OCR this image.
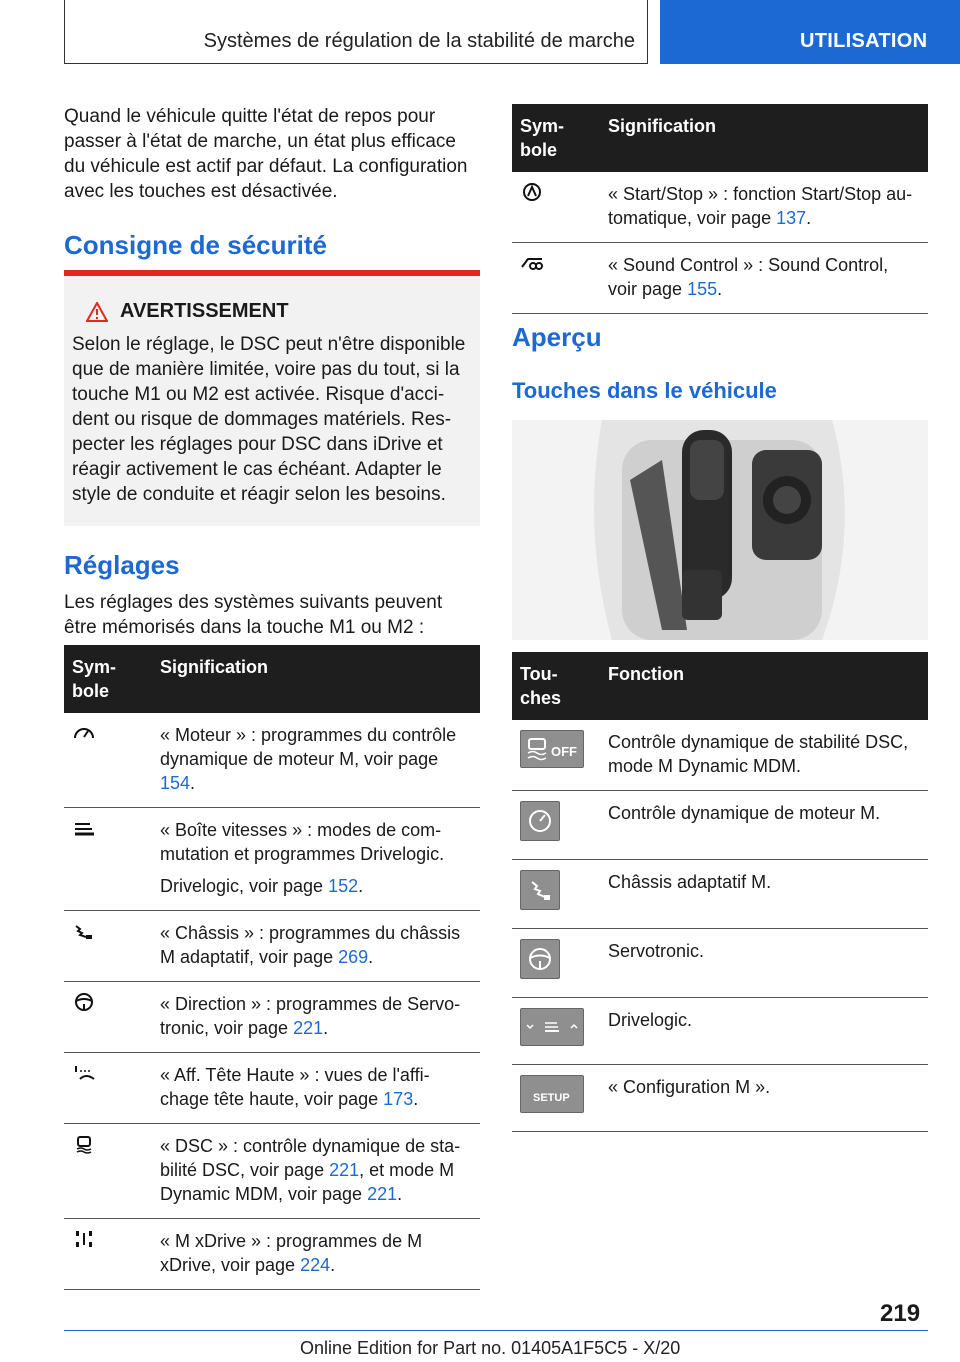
Systèmes de régulation de la stabilité de marche	UTILISATION
Quand le véhicule quitte l'état de repos pour passer à l'état de marche, un état plus efficace du véhicule est actif par défaut. La configuration avec les touches est désactivée.
Consigne de sécurité
AVERTISSEMENT
Selon le réglage, le DSC peut n'être disponible que de manière limitée, voire pas du tout, si la touche M1 ou M2 est activée. Risque d'acci-dent ou risque de dommages matériels. Res-pecter les réglages pour DSC dans iDrive et réagir activement le cas échéant. Adapter le style de conduite et réagir selon les besoins.
Réglages
Les réglages des systèmes suivants peuvent être mémorisés dans la touche M1 ou M2 :
Sym-bole	Signification
	« Moteur » : programmes du contrôle dynamique de moteur M, voir page 154.

« Boîte vitesses » : modes de com-mutation et programmes Drivelogic.
Drivelogic, voir page 152.

	« Châssis » : programmes du châssis M adaptatif, voir page 269.
	« Direction » : programmes de Servo-tronic, voir page 221.
	« Aff. Tête Haute » : vues de l'affi-chage tête haute, voir page 173.
	« DSC » : contrôle dynamique de sta-bilité DSC, voir page 221, et mode M Dynamic MDM, voir page 221.
	« M xDrive » : programmes de M xDrive, voir page 224.
Sym-bole	Signification
	« Start/Stop » : fonction Start/Stop au-tomatique, voir page 137.
	« Sound Control » : Sound Control, voir page 155.
Aperçu
Touches dans le véhicule
Tou-ches	Fonction

OFF	Contrôle dynamique de stabilité DSC, mode M Dynamic MDM.

	Contrôle dynamique de moteur M.

	Châssis adaptatif M.

	Servotronic.

	Drivelogic.

SETUP	« Configuration M ».
219
Online Edition for Part no. 01405A1F5C5 - X/20
